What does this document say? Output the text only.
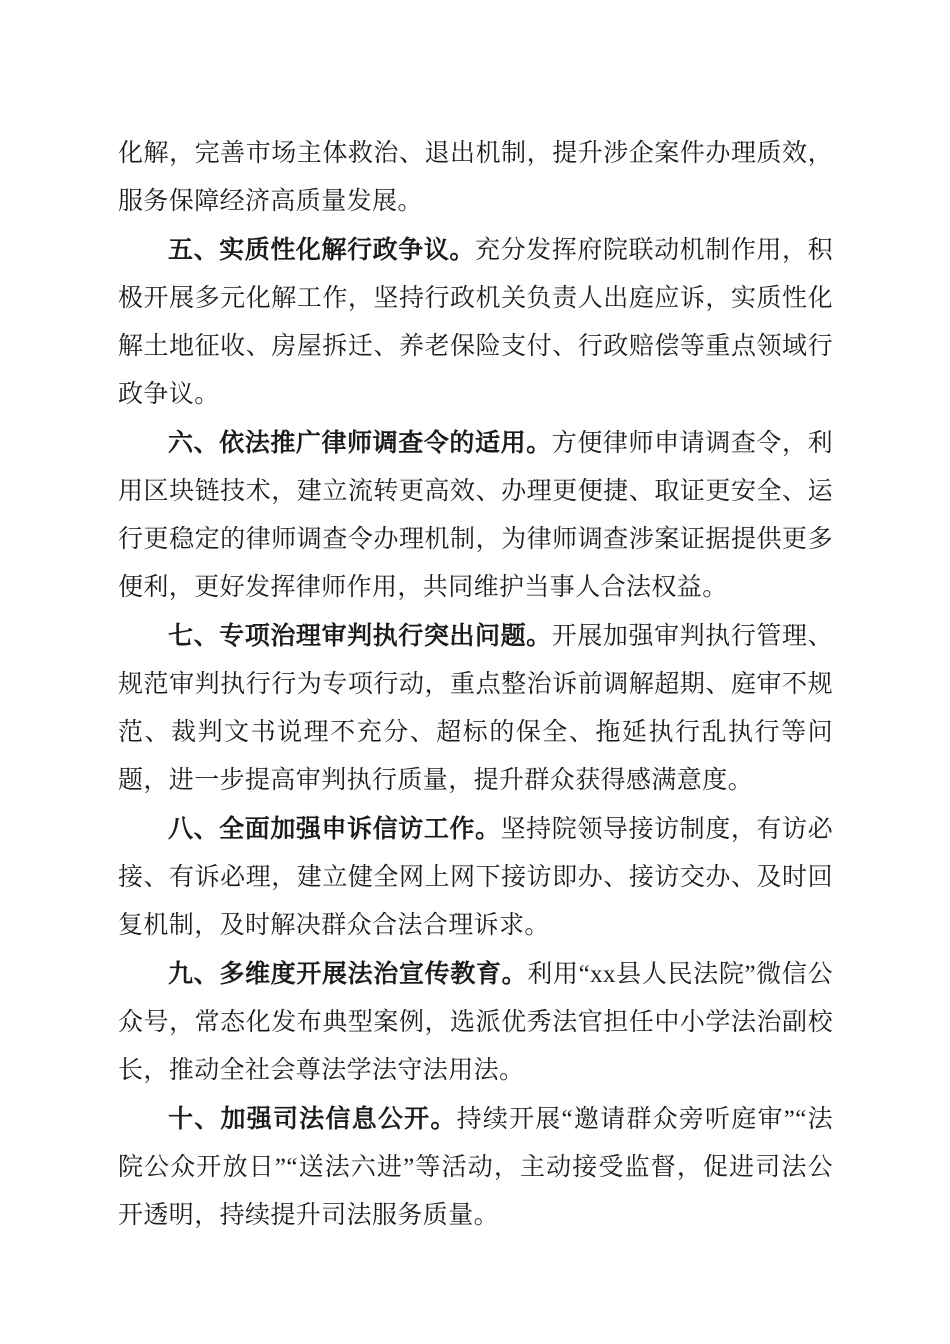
化解，完善市场主体救治、退出机制，提升涉企案件办理质效，服务保障经济高质量发展。

五、实质性化解行政争议。充分发挥府院联动机制作用，积极开展多元化解工作，坚持行政机关负责人出庭应诉，实质性化解土地征收、房屋拆迁、养老保险支付、行政赔偿等重点领域行政争议。

六、依法推广律师调查令的适用。方便律师申请调查令，利用区块链技术，建立流转更高效、办理更便捷、取证更安全、运行更稳定的律师调查令办理机制，为律师调查涉案证据提供更多便利，更好发挥律师作用，共同维护当事人合法权益。

七、专项治理审判执行突出问题。开展加强审判执行管理、规范审判执行行为专项行动，重点整治诉前调解超期、庭审不规范、裁判文书说理不充分、超标的保全、拖延执行乱执行等问题，进一步提高审判执行质量，提升群众获得感满意度。

八、全面加强申诉信访工作。坚持院领导接访制度，有访必接、有诉必理，建立健全网上网下接访即办、接访交办、及时回复机制，及时解决群众合法合理诉求。

九、多维度开展法治宣传教育。利用“xx县人民法院”微信公众号，常态化发布典型案例，选派优秀法官担任中小学法治副校长，推动全社会尊法学法守法用法。

十、加强司法信息公开。持续开展“邀请群众旁听庭审”“法院公众开放日”“送法六进”等活动，主动接受监督，促进司法公开透明，持续提升司法服务质量。
